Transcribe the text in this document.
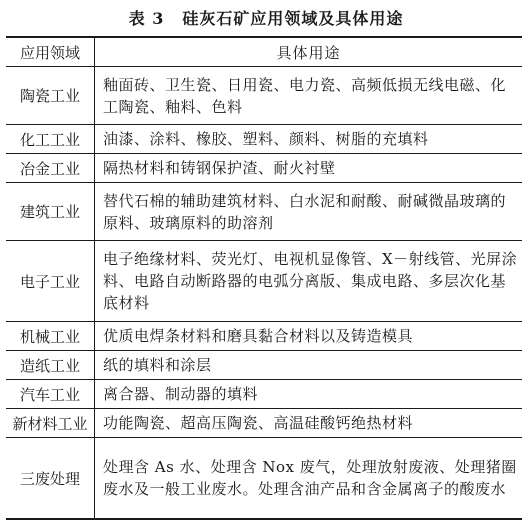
表 3 硅灰石矿应用领域及具体用途
应用领域	具体用途
陶瓷工业	釉面砖、卫生瓷、日用瓷、电力瓷、高频低损无线电磁、化工陶瓷、釉料、色料
化工工业	油漆、涂料、橡胶、塑料、颜料、树脂的充填料
冶金工业	隔热材料和铸钢保护渣、耐火衬壁
建筑工业	替代石棉的辅助建筑材料、白水泥和耐酸、耐碱微晶玻璃的原料、玻璃原料的助溶剂
电子工业	电子绝缘材料、荧光灯、电视机显像管、X－射线管、光屏涂料、电路自动断路器的电弧分离版、集成电路、多层次化基底材料
机械工业	优质电焊条材料和磨具黏合材料以及铸造模具
造纸工业	纸的填料和涂层
汽车工业	离合器、制动器的填料
新材料工业	功能陶瓷、超高压陶瓷、高温硅酸钙绝热材料
三废处理	处理含 As 水、处理含 Nox 废气，处理放射废液、处理猪圈废水及一般工业废水。处理含油产品和含金属离子的酸废水
